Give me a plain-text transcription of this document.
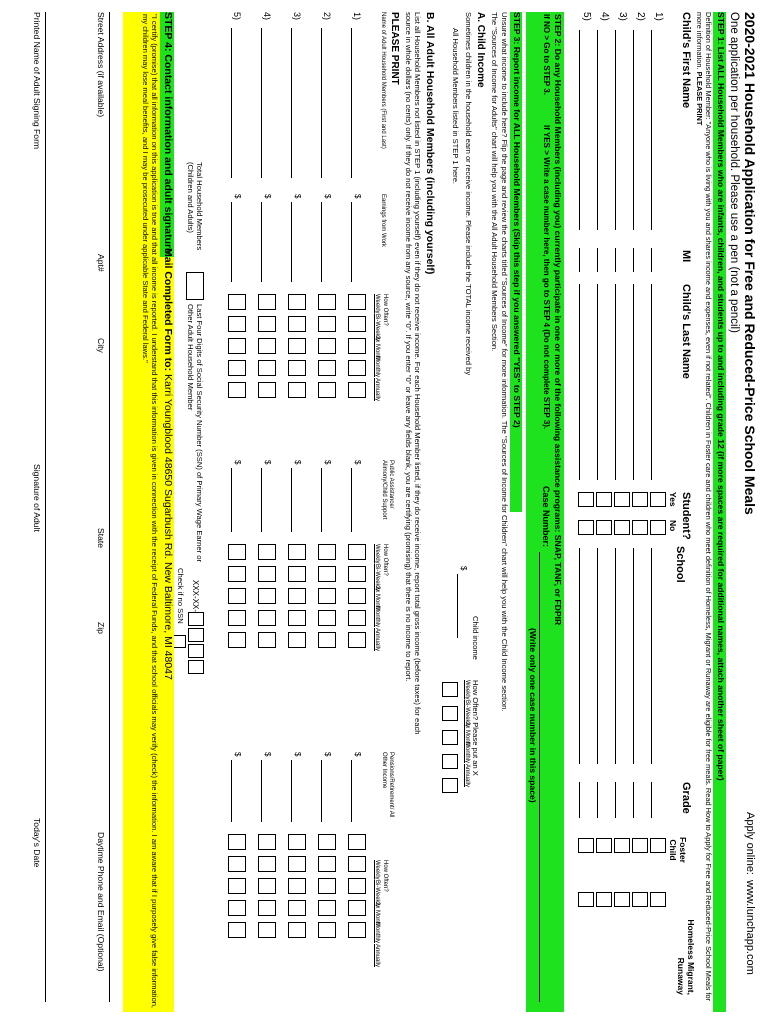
2020-2021 Household Application for Free and Reduced-Price School Meals
One application per household. Please use a pen (not a pencil)
Apply online:
www.lunchapp.com
STEP 1: List ALL Household Members who are infants, children, and students up to and including grade 12 (if more spaces are required for additional names, attach another sheet of paper)
Definition of Household Member: "Anyone who is living with you and shares income and expenses, even if not related". Children in Foster care and children who meet definition of Homeless, Migrant or Runaway are eligible for free meals. Read How to Apply for Free and Reduced-Price School Meals for more information. PLEASE PRINT
Child's First Name
MI
Child's Last Name
Student?
Yes
No
School
Grade
Foster Child
Homeless Migrant, Runaway
1)
2)
3)
4)
5)
STEP 2: Do any Household Members (including you) currently participate in one or more of the following assistance programs: SNAP, TANF, or FDPIR
If NO > Go to STEP 3.
If YES > Write a case number here, then go to STEP 4 (Do not complete STEP 3).
Case Number:
(Write only one case number in this space)
STEP 3: Report income for ALL Household Members (Skip this step if you answered "YES" to STEP 2)
Unsure what income to include here? Flip the page and review the charts titled "Sources of Income" for more information. The "Sources of Income for Children" chart will help you with the Child Income section.
The "Sources of Income for Adults" chart will help you with the All Adult Household Members Section.
A. Child Income
Sometimes children in the household earn or receive income. Please include the TOTAL income received by
All Household Members listed in STEP 1 here.
Child income
$
How Often? Please put an X
Weekly
Bi-Weekly
2x Month
Monthly
Annually
B. All Adult Household Members (including yourself)
List all Household Members not listed in STEP 1 (including yourself) even if they do not receive income. For each Household Member listed, if they do receive income, report total gross income (before taxes) for each
source in whole dollars (no cents) only. If they do not receive income from any source, write "0". If you enter "0" or leave any fields blank, you are certifying (promising) that there is no income to report.
PLEASE PRINT
Name of Adult Household Members (First and Last)
Earnings from Work
How Often?
Public Assistance/ Alimony/Child Support
How Often?
Pensions/Retirement/ All Other Income
How Often?
Weekly
Bi-Weekly
2x Month
Monthly
Annually
Weekly
Bi-Weekly
2x Month
Monthly
Annually
Weekly
Bi-Weekly
2x Month
Monthly
Annually
1)
$
$
$
2)
$
$
$
3)
$
$
$
4)
$
$
$
5)
$
$
$
Total Household Members (Children and Adults)
Last Four Digits of Social Security Number (SSN) of Primary Wage Earner or Other Adult Household Member
XXX-XX-
Check if no SSN
STEP 4: Contact information and adult signature.
Mail Completed Form to:
Karri Youngblood 48650 Sugarbush Rd. New Baltimore, MI 48047
"I certify (promise) that all information on this application is true and that all income is reported. I understand that this information is given in connection with the receipt of Federal Funds, and that school officials may verify (check) the information. I am aware that if I purposely give false information, my children may lose meal benefits, and I may be prosecuted under applicable State and Federal laws."
Street Address (if available)
Apt#
City
State
Zip
Daytime Phone and Email (Optional)
Printed Name of Adult Signing Form
Signature of Adult
Today's Date
